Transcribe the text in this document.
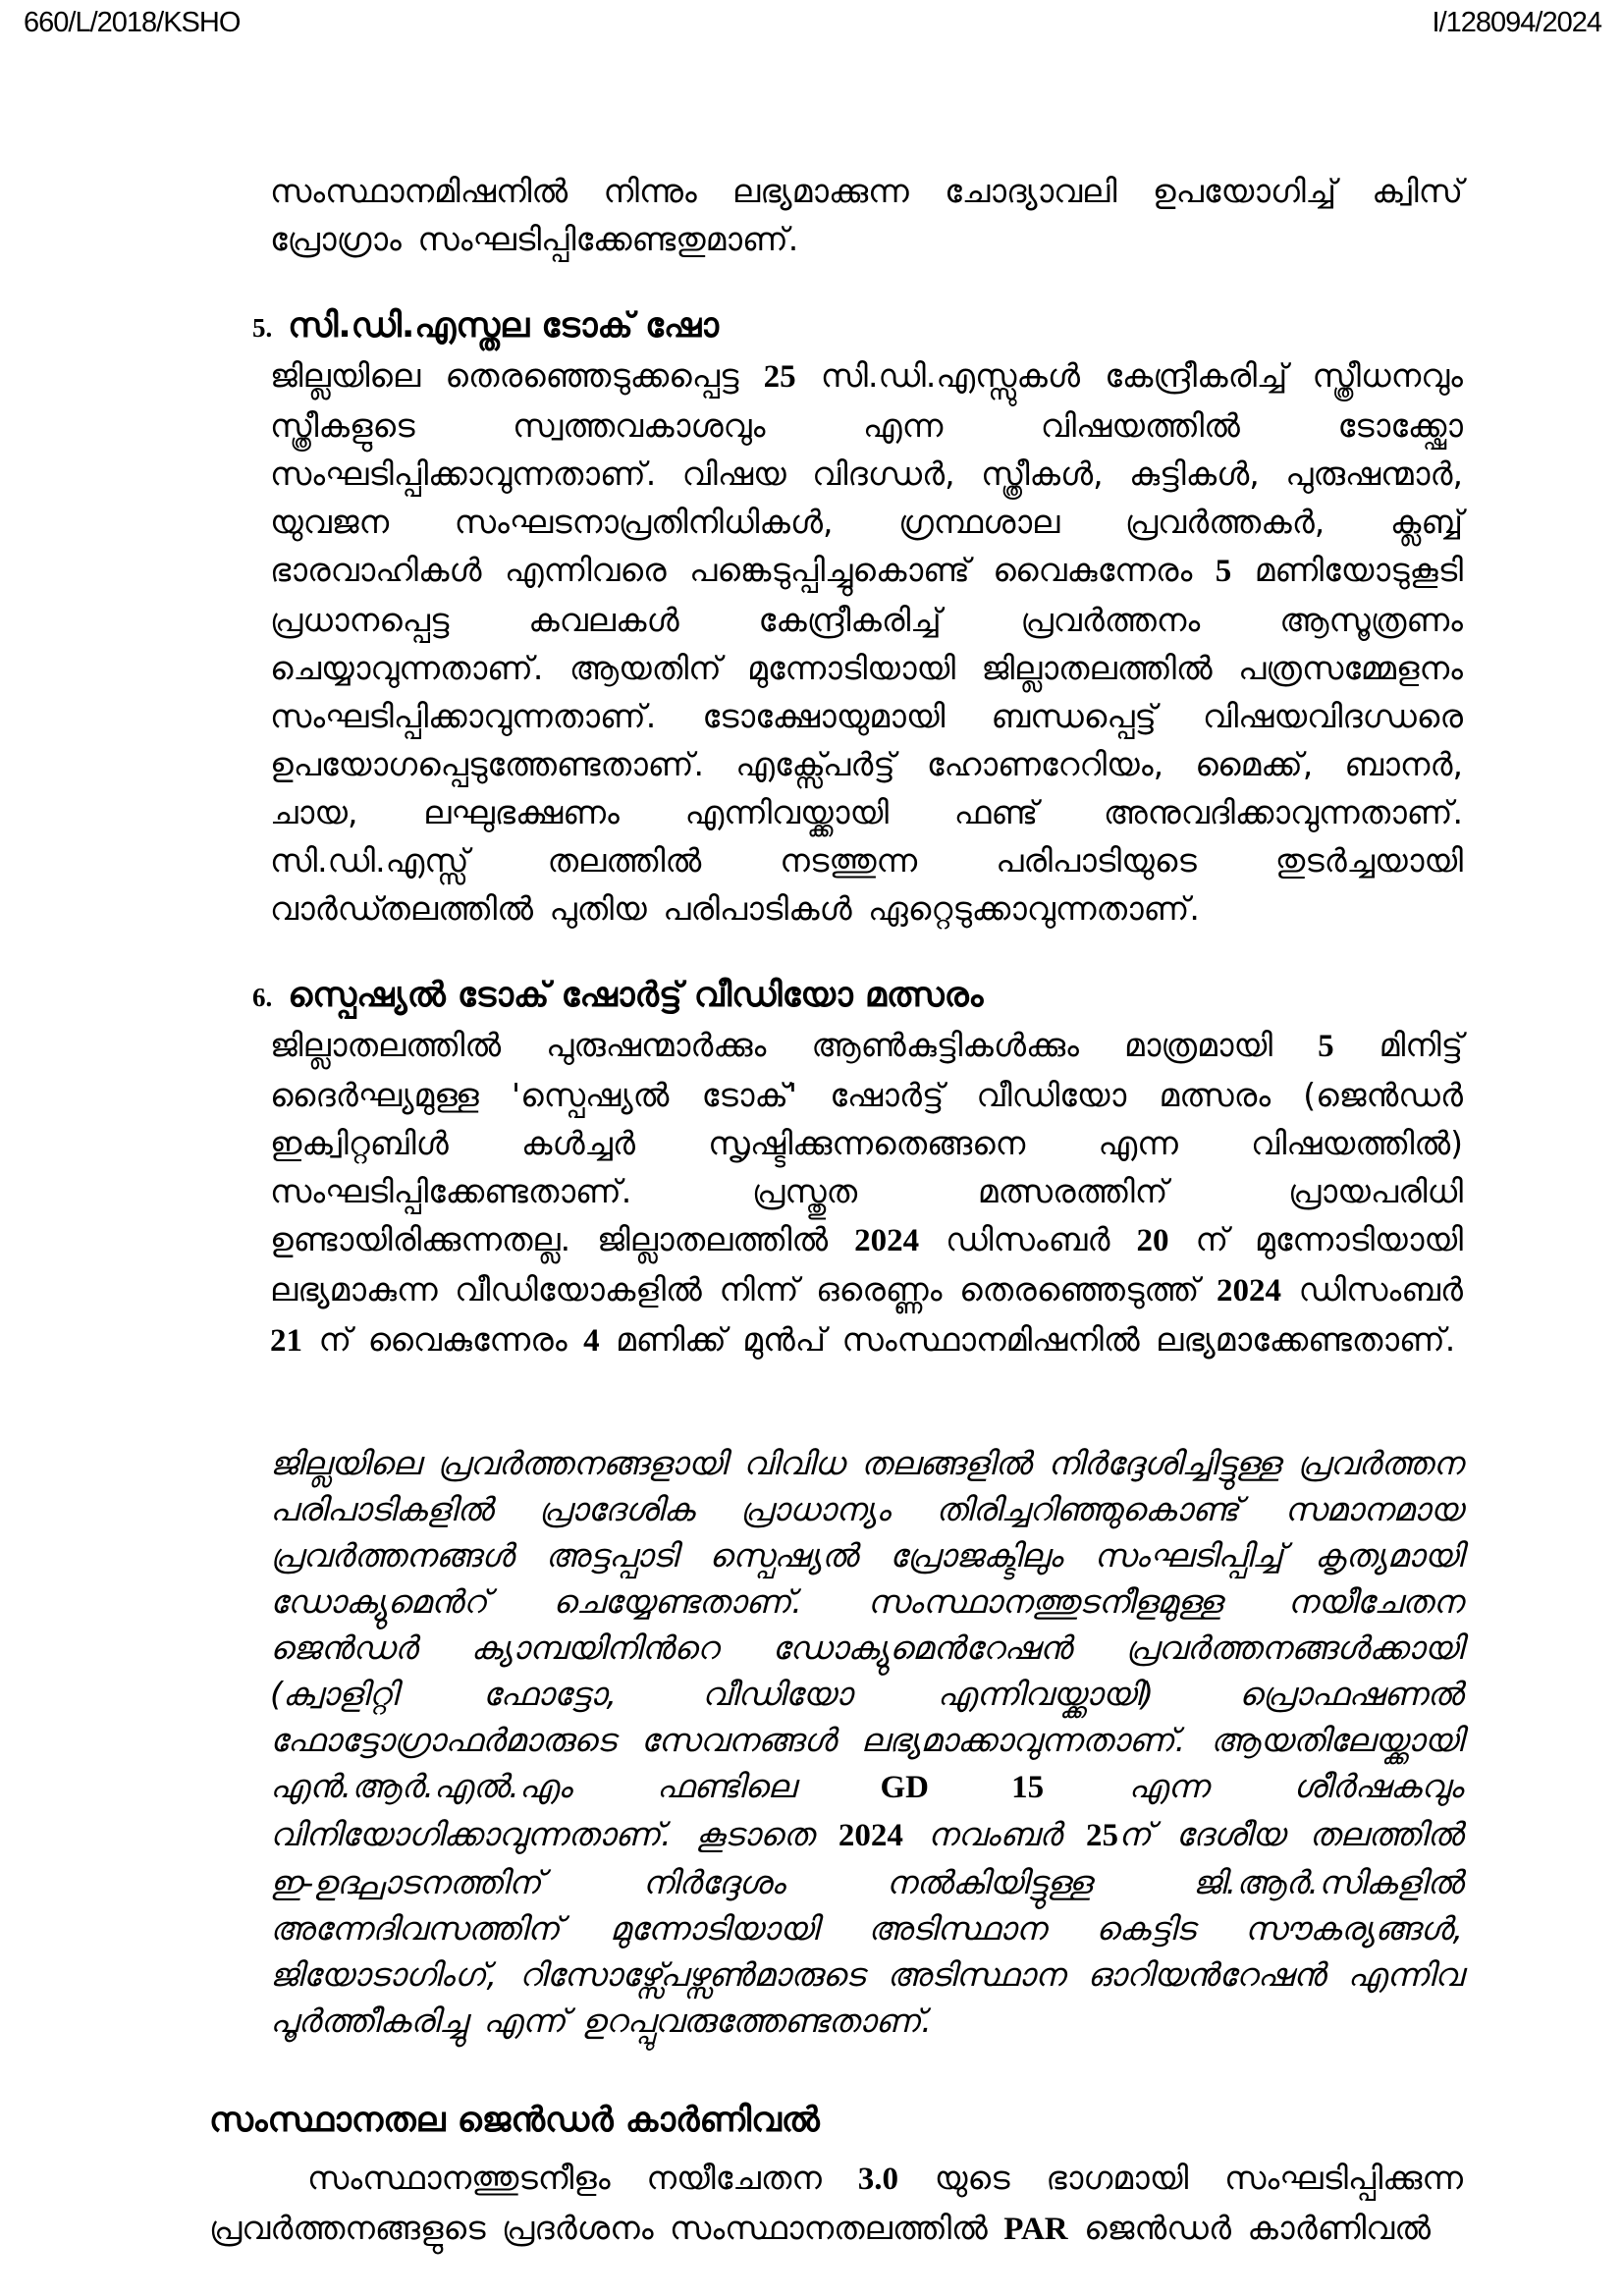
660/L/2018/KSHO	I/128094/2024

സംസ്ഥാനമിഷനിൽ നിന്നും ലഭ്യമാക്കുന്ന ചോദ്യാവലി ഉപയോഗിച്ച് ക്വിസ് പ്രോഗ്രാം സംഘടിപ്പിക്കേണ്ടതുമാണ്.

5. സി.ഡി.എസ്തല ടോക് ഷോ

ജില്ലയിലെ തെരഞ്ഞെടുക്കപ്പെട്ട 25 സി.ഡി.എസ്സുകൾ കേന്ദ്രീകരിച്ച് സ്ത്രീധനവും സ്ത്രീകളുടെ സ്വത്തവകാശവും എന്ന വിഷയത്തിൽ ടോക്ക്ഷോ സംഘടിപ്പിക്കാവുന്നതാണ്. വിഷയ വിദഗ്ധർ, സ്ത്രീകൾ, കുട്ടികൾ, പുരുഷന്മാർ, യുവജന സംഘടനാപ്രതിനിധികൾ, ഗ്രന്ഥശാല പ്രവർത്തകർ, ക്ലബ്ബ് ഭാരവാഹികൾ എന്നിവരെ പങ്കെടുപ്പിച്ചുകൊണ്ട് വൈകുന്നേരം 5 മണിയോടുകൂടി പ്രധാനപ്പെട്ട കവലകൾ കേന്ദ്രീകരിച്ച് പ്രവർത്തനം ആസൂത്രണം ചെയ്യാവുന്നതാണ്. ആയതിന് മുന്നോടിയായി ജില്ലാതലത്തിൽ പത്രസമ്മേളനം സംഘടിപ്പിക്കാവുന്നതാണ്. ടോക്ഷോയുമായി ബന്ധപ്പെട്ട് വിഷയവിദഗ്ധരെ ഉപയോഗപ്പെടുത്തേണ്ടതാണ്. എക്സ്പേർട്ട് ഹോണറേറിയം, മൈക്ക്, ബാനർ, ചായ, ലഘുഭക്ഷണം എന്നിവയ്ക്കായി ഫണ്ട് അനുവദിക്കാവുന്നതാണ്. സി.ഡി.എസ്സ് തലത്തിൽ നടത്തുന്ന പരിപാടിയുടെ തുടർച്ചയായി വാർഡ്തലത്തിൽ പുതിയ പരിപാടികൾ ഏറ്റെടുക്കാവുന്നതാണ്.

6. സ്പെഷ്യൽ ടോക് ഷോർട്ട് വീഡിയോ മത്സരം

ജില്ലാതലത്തിൽ പുരുഷന്മാർക്കും ആൺകുട്ടികൾക്കും മാത്രമായി 5 മിനിട്ട് ദൈർഘ്യമുള്ള 'സ്പെഷ്യൽ ടോക്' ഷോർട്ട് വീഡിയോ മത്സരം (ജെൻഡർ ഇക്വിറ്റബിൾ കൾച്ചർ സൃഷ്ടിക്കുന്നതെങ്ങനെ എന്ന വിഷയത്തിൽ) സംഘടിപ്പിക്കേണ്ടതാണ്. പ്രസ്തുത മത്സരത്തിന് പ്രായപരിധി ഉണ്ടായിരിക്കുന്നതല്ല. ജില്ലാതലത്തിൽ 2024 ഡിസംബർ 20 ന് മുന്നോടിയായി ലഭ്യമാകുന്ന വീഡിയോകളിൽ നിന്ന് ഒരെണ്ണം തെരഞ്ഞെടുത്ത് 2024 ഡിസംബർ 21 ന് വൈകുന്നേരം 4 മണിക്ക് മുൻപ് സംസ്ഥാനമിഷനിൽ ലഭ്യമാക്കേണ്ടതാണ്.

ജില്ലയിലെ പ്രവർത്തനങ്ങളായി വിവിധ തലങ്ങളിൽ നിർദ്ദേശിച്ചിട്ടുള്ള പ്രവർത്തന പരിപാടികളിൽ പ്രാദേശിക പ്രാധാന്യം തിരിച്ചറിഞ്ഞുകൊണ്ട് സമാനമായ പ്രവർത്തനങ്ങൾ അട്ടപ്പാടി സ്പെഷ്യൽ പ്രോജക്ടിലും സംഘടിപ്പിച്ച് കൃത്യമായി ഡോക്യുമെൻറ് ചെയ്യേണ്ടതാണ്. സംസ്ഥാനത്തുടനീളമുള്ള നയീചേതന ജെൻഡർ ക്യാമ്പയിനിൻറെ ഡോക്യുമെൻറേഷൻ പ്രവർത്തനങ്ങൾക്കായി (ക്വാളിറ്റി ഫോട്ടോ, വീഡിയോ എന്നിവയ്ക്കായി) പ്രൊഫഷണൽ ഫോട്ടോഗ്രാഫർമാരുടെ സേവനങ്ങൾ ലഭ്യമാക്കാവുന്നതാണ്. ആയതിലേയ്ക്കായി എൻ.ആർ.എൽ.എം ഫണ്ടിലെ GD 15 എന്ന ശീർഷകവും വിനിയോഗിക്കാവുന്നതാണ്. കൂടാതെ 2024 നവംബർ 25ന് ദേശീയ തലത്തിൽ ഇ-ഉദ്ഘാടനത്തിന് നിർദ്ദേശം നൽകിയിട്ടുള്ള ജി.ആർ.സികളിൽ അന്നേദിവസത്തിന് മുന്നോടിയായി അടിസ്ഥാന കെട്ടിട സൗകര്യങ്ങൾ, ജിയോടാഗിംഗ്, റിസോഴ്സ്പേഴ്സൺമാരുടെ അടിസ്ഥാന ഓറിയൻറേഷൻ എന്നിവ പൂർത്തീകരിച്ചു എന്ന് ഉറപ്പുവരുത്തേണ്ടതാണ്.

സംസ്ഥാനതല ജെൻഡർ കാർണിവൽ

സംസ്ഥാനത്തുടനീളം നയീചേതന 3.0 യുടെ ഭാഗമായി സംഘടിപ്പിക്കുന്ന പ്രവർത്തനങ്ങളുടെ പ്രദർശനം സംസ്ഥാനതലത്തിൽ PAR ജെൻഡർ കാർണിവൽ
